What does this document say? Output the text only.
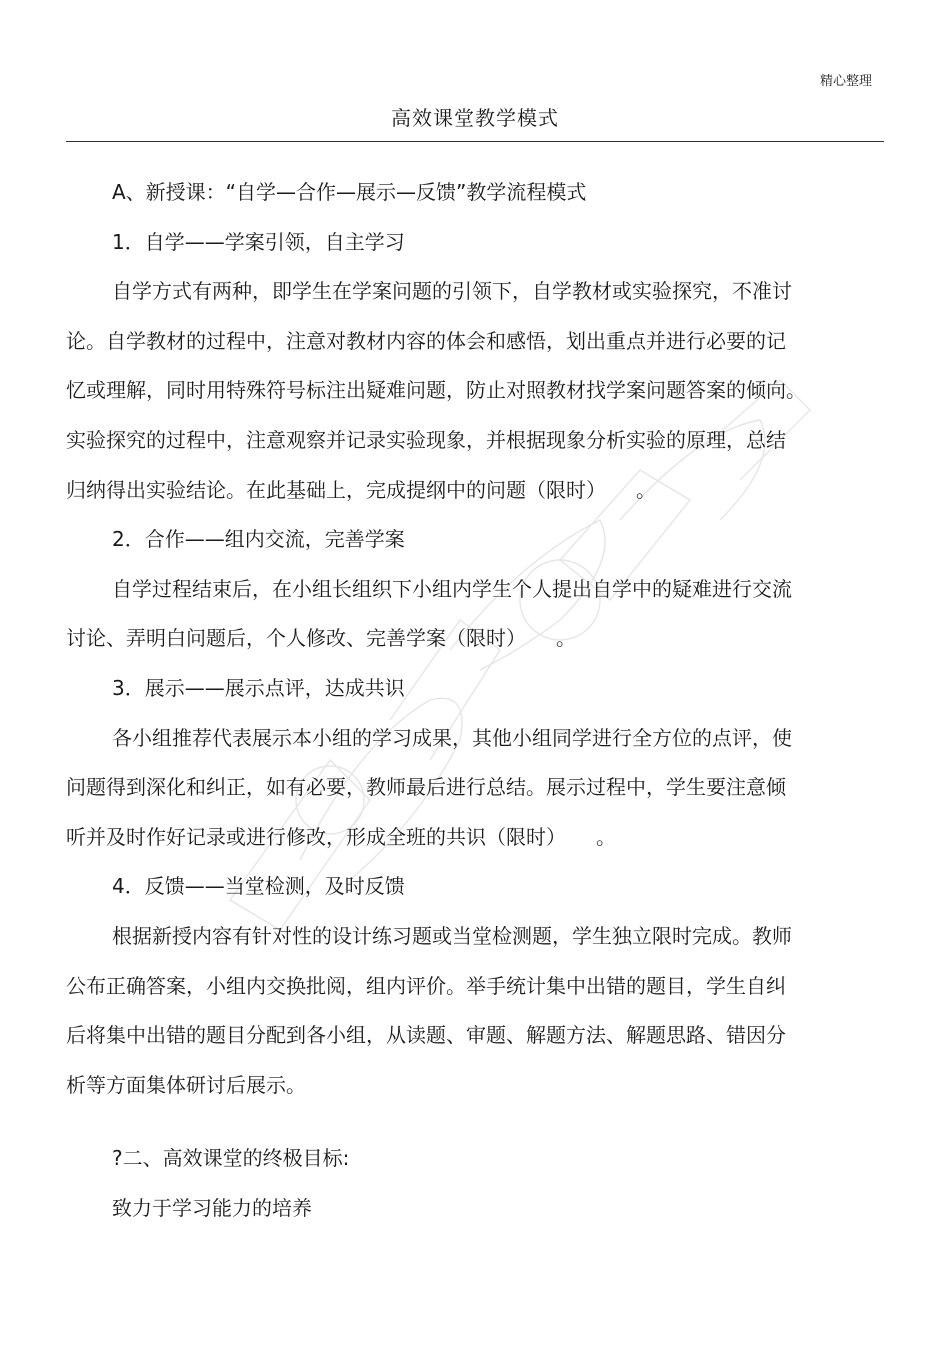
精心整理
高效课堂教学模式
A、新授课：“自学—合作—展示—反馈”教学流程模式
1．自学——学案引领，自主学习
自学方式有两种，即学生在学案问题的引领下，自学教材或实验探究，不准讨
论。自学教材的过程中，注意对教材内容的体会和感悟，划出重点并进行必要的记
忆或理解，同时用特殊符号标注出疑难问题，防止对照教材找学案问题答案的倾向。
实验探究的过程中，注意观察并记录实验现象，并根据现象分析实验的原理，总结
归纳得出实验结论。在此基础上，完成提纲中的问题（限时）　　。
2．合作——组内交流，完善学案
自学过程结束后，在小组长组织下小组内学生个人提出自学中的疑难进行交流
讨论、弄明白问题后，个人修改、完善学案（限时）　　。
3．展示——展示点评，达成共识
各小组推荐代表展示本小组的学习成果，其他小组同学进行全方位的点评，使
问题得到深化和纠正，如有必要，教师最后进行总结。展示过程中，学生要注意倾
听并及时作好记录或进行修改，形成全班的共识（限时）　　。
4．反馈——当堂检测，及时反馈
根据新授内容有针对性的设计练习题或当堂检测题，学生独立限时完成。教师
公布正确答案，小组内交换批阅，组内评价。举手统计集中出错的题目，学生自纠
后将集中出错的题目分配到各小组，从读题、审题、解题方法、解题思路、错因分
析等方面集体研讨后展示。
?二、高效课堂的终极目标:
致力于学习能力的培养
